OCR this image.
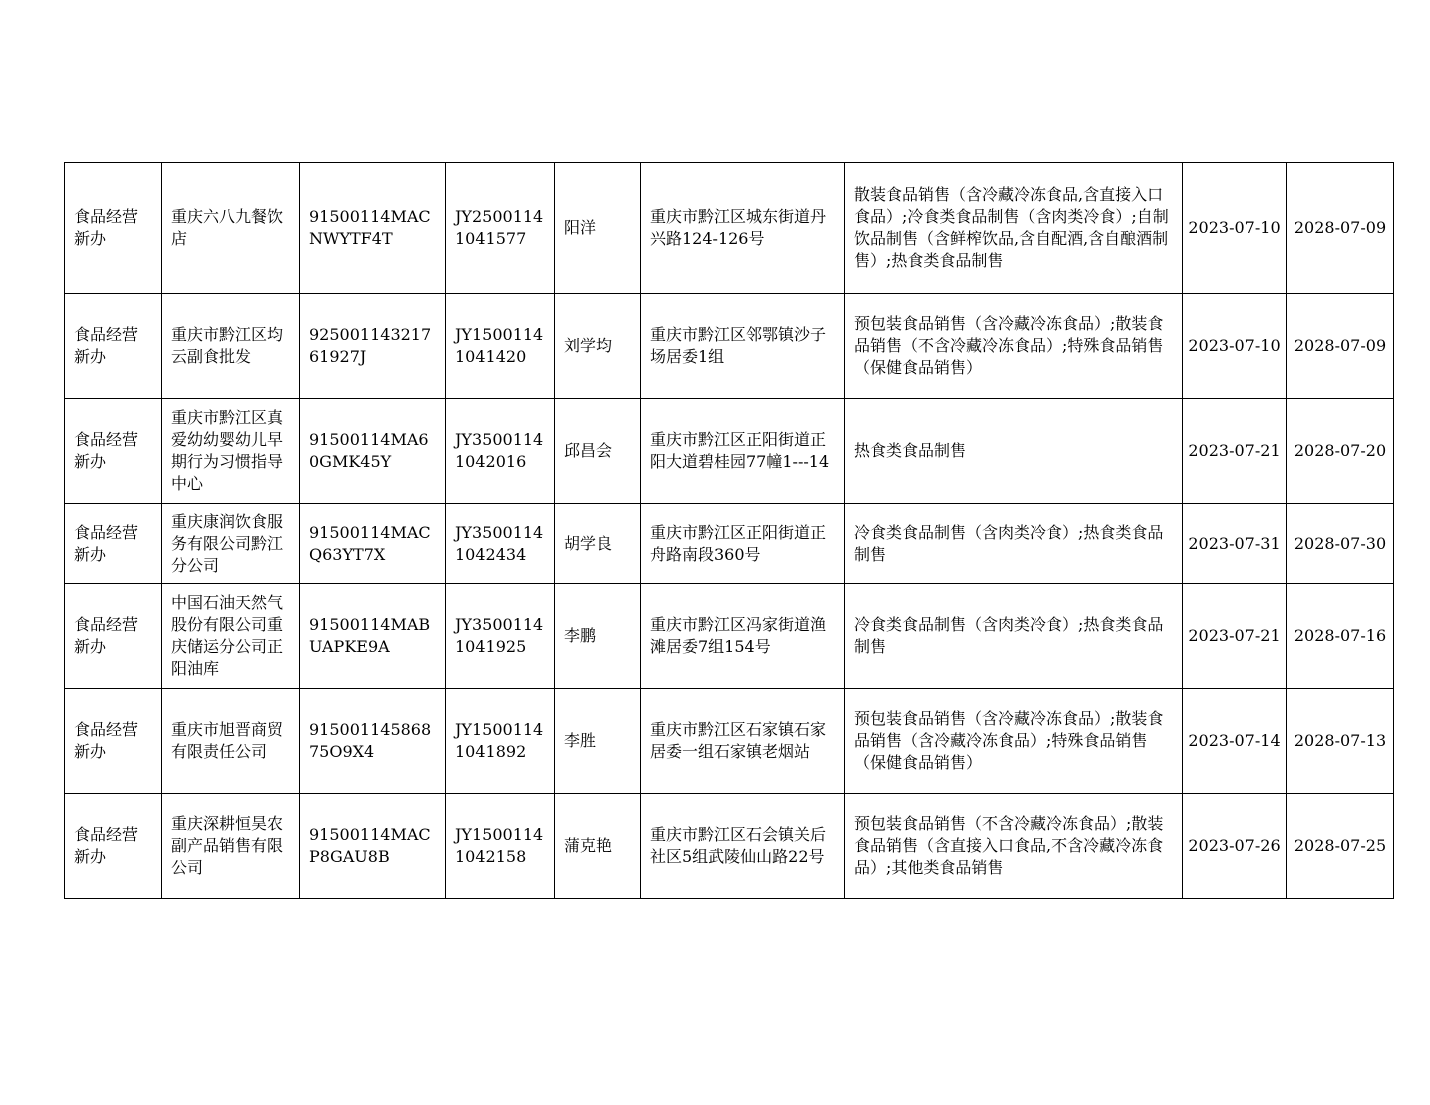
食品经营新办	重庆六八九餐饮店	91500114MACNWYTF4T	JY25001141041577	阳洋	重庆市黔江区城东街道丹兴路124-126号	散装食品销售（含冷藏冷冻食品,含直接入口食品）;冷食类食品制售（含肉类冷食）;自制饮品制售（含鲜榨饮品,含自配酒,含自酿酒制售）;热食类食品制售	2023-07-10	2028-07-09
食品经营新办	重庆市黔江区均云副食批发	92500114321761927J	JY15001141041420	刘学均	重庆市黔江区邻鄂镇沙子场居委1组	预包装食品销售（含冷藏冷冻食品）;散装食品销售（不含冷藏冷冻食品）;特殊食品销售（保健食品销售）	2023-07-10	2028-07-09
食品经营新办	重庆市黔江区真爱幼幼婴幼儿早期行为习惯指导中心	91500114MA60GMK45Y	JY35001141042016	邱昌会	重庆市黔江区正阳街道正阳大道碧桂园77幢1---14	热食类食品制售	2023-07-21	2028-07-20
食品经营新办	重庆康润饮食服务有限公司黔江分公司	91500114MACQ63YT7X	JY35001141042434	胡学良	重庆市黔江区正阳街道正舟路南段360号	冷食类食品制售（含肉类冷食）;热食类食品制售	2023-07-31	2028-07-30
食品经营新办	中国石油天然气股份有限公司重庆储运分公司正阳油库	91500114MABUAPKE9A	JY35001141041925	李鹏	重庆市黔江区冯家街道渔滩居委7组154号	冷食类食品制售（含肉类冷食）;热食类食品制售	2023-07-21	2028-07-16
食品经营新办	重庆市旭晋商贸有限责任公司	91500114586875O9X4	JY15001141041892	李胜	重庆市黔江区石家镇石家居委一组石家镇老烟站	预包装食品销售（含冷藏冷冻食品）;散装食品销售（含冷藏冷冻食品）;特殊食品销售（保健食品销售）	2023-07-14	2028-07-13
食品经营新办	重庆深耕恒昊农副产品销售有限公司	91500114MACP8GAU8B	JY15001141042158	蒲克艳	重庆市黔江区石会镇关后社区5组武陵仙山路22号	预包装食品销售（不含冷藏冷冻食品）;散装食品销售（含直接入口食品,不含冷藏冷冻食品）;其他类食品销售	2023-07-26	2028-07-25
